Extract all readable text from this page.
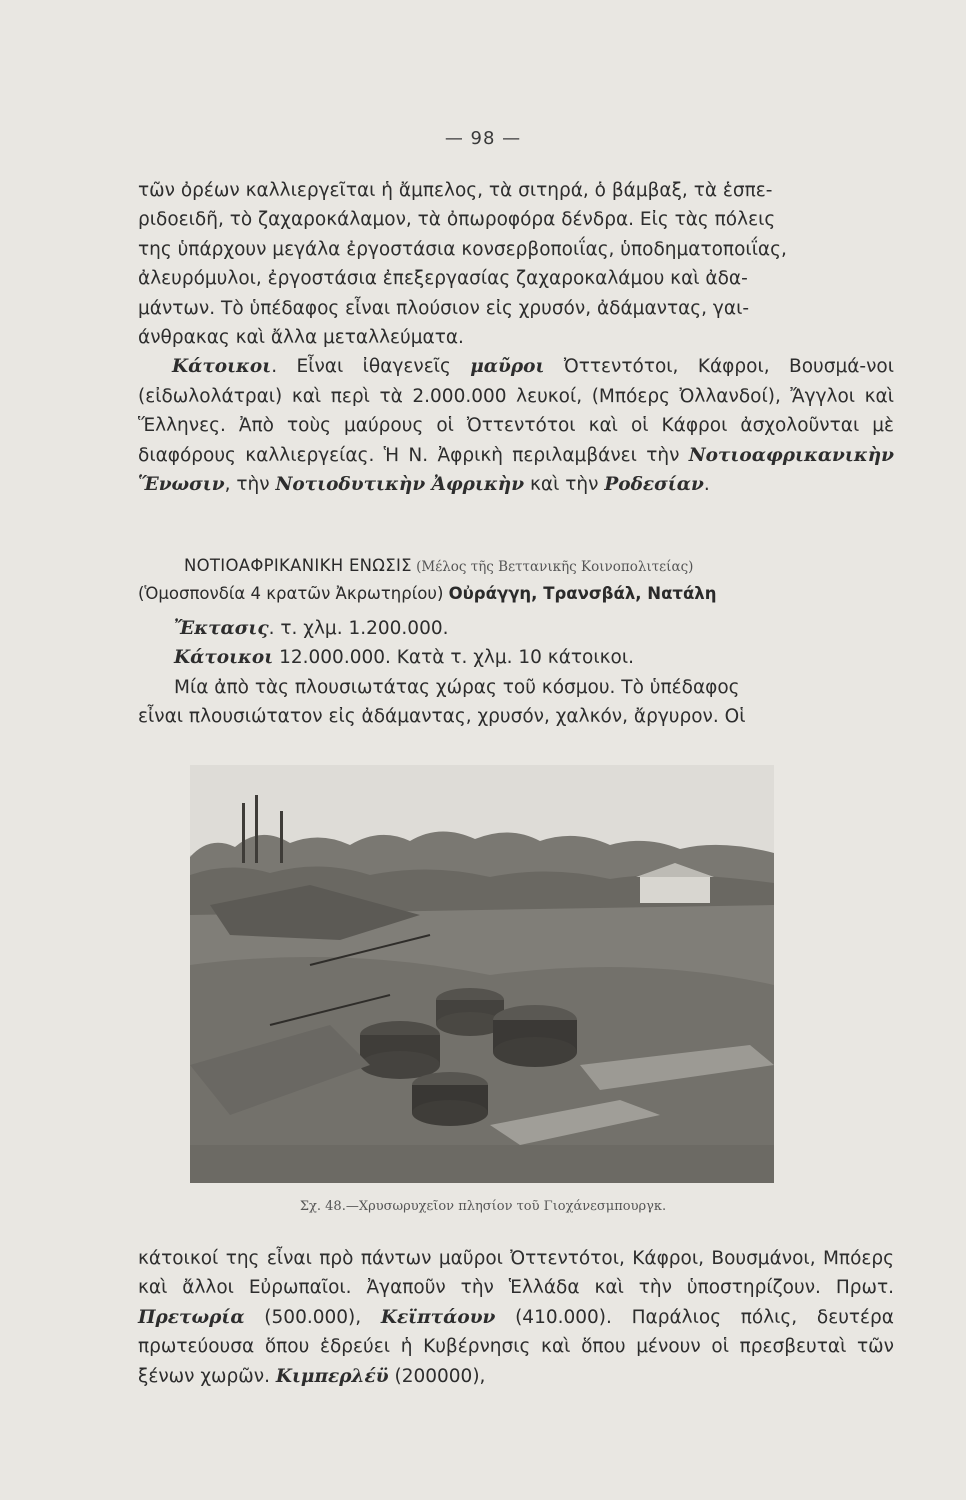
— 98 —

τῶν ὀρέων καλλιεργεῖται ἡ ἄμπελος, τὰ σιτηρά, ὁ βάμβαξ, τὰ ἑσπε-
ριδοειδῆ, τὸ ζαχαροκάλαμον, τὰ ὀπωροφόρα δένδρα. Εἰς τὰς πόλεις
της ὑπάρχουν μεγάλα ἐργοστάσια κονσερβοποιΐας, ὑποδηματοποιΐας,
ἀλευρόμυλοι, ἐργοστάσια ἐπεξεργασίας ζαχαροκαλάμου καὶ ἀδα-
μάντων. Τὸ ὑπέδαφος εἶναι πλούσιον εἰς χρυσόν, ἀδάμαντας, γαι-
άνθρακας καὶ ἄλλα μεταλλεύματα.

Κάτοικοι. Εἶναι ἰθαγενεῖς μαῦροι Ὀττεντότοι, Κάφροι, Βουσμά-νοι (εἰδωλολάτραι) καὶ περὶ τὰ 2.000.000 λευκοί, (Μπόερς Ὀλλανδοί), Ἄγγλοι καὶ Ἕλληνες. Ἀπὸ τοὺς μαύρους οἱ Ὀττεντότοι καὶ οἱ Κάφροι ἀσχολοῦνται μὲ διαφόρους καλλιεργείας. Ἡ Ν. Ἀφρικὴ περιλαμβάνει τὴν Νοτιοαφρικανικὴν Ἕνωσιν, τὴν Νοτιοδυτικὴν Ἀφρικὴν καὶ τὴν Ροδεσίαν.

ΝΟΤΙΟΑΦΡΙΚΑΝΙΚΗ ΕΝΩΣΙΣ (Μέλος τῆς Βεττανικῆς Κοινοπολιτείας)
(Ὁμοσπονδία 4 κρατῶν Ἀκρωτηρίου) Οὐράγγη, Τρανσβάλ, Νατάλη

Ἔκτασις. τ. χλμ. 1.200.000.

Κάτοικοι 12.000.000. Κατὰ τ. χλμ. 10 κάτοικοι.

Μία ἀπὸ τὰς πλουσιωτάτας χώρας τοῦ κόσμου. Τὸ ὑπέδαφος

εἶναι πλουσιώτατον εἰς ἀδάμαντας, χρυσόν, χαλκόν, ἄργυρον. Οἱ

Σχ. 48.—Χρυσωρυχεῖον πλησίον τοῦ Γιοχάνεσμπουργκ.

κάτοικοί της εἶναι πρὸ πάντων μαῦροι Ὀττεντότοι, Κάφροι, Βουσμάνοι, Μπόερς καὶ ἄλλοι Εὐρωπαῖοι. Ἀγαποῦν τὴν Ἑλλάδα καὶ τὴν ὑποστηρίζουν. Πρωτ. Πρετωρία (500.000), Κεϊπτάουν (410.000). Παράλιος πόλις, δευτέρα πρωτεύουσα ὅπου ἑδρεύει ἡ Κυβέρνησις καὶ ὅπου μένουν οἱ πρεσβευταὶ τῶν ξένων χωρῶν. Κιμπερλέϋ (200000),
